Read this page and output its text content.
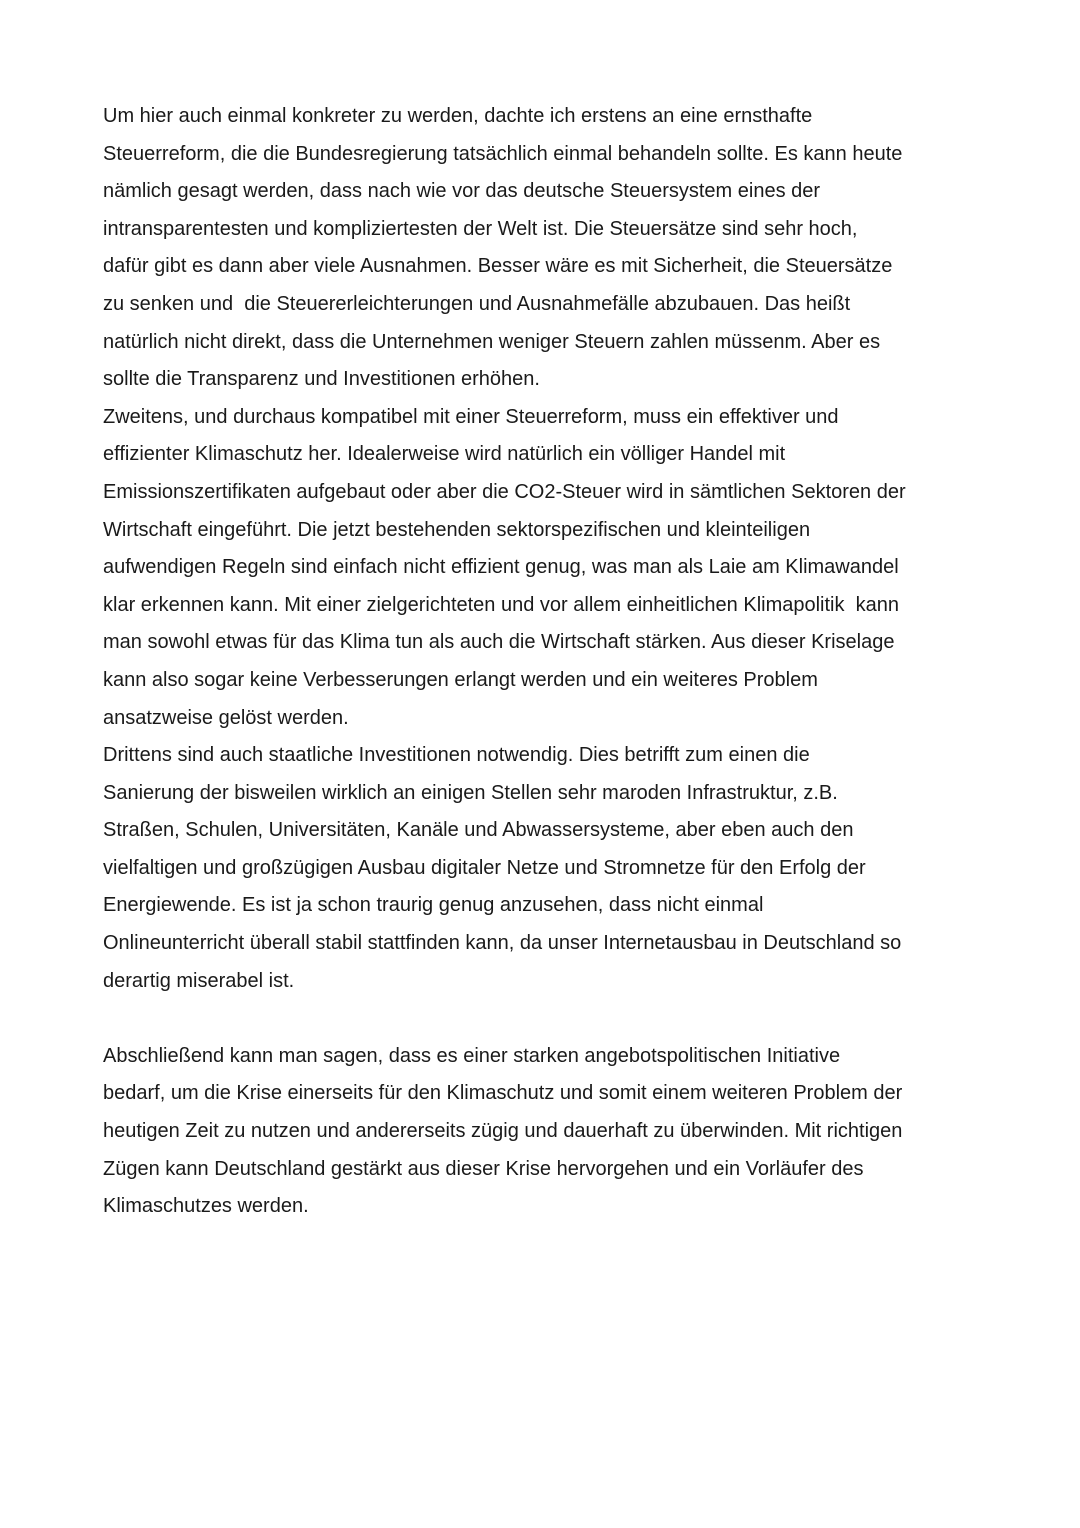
Um hier auch einmal konkreter zu werden, dachte ich erstens an eine ernsthafte
Steuerreform, die die Bundesregierung tatsächlich einmal behandeln sollte. Es kann heute
nämlich gesagt werden, dass nach wie vor das deutsche Steuersystem eines der
intransparentesten und kompliziertesten der Welt ist. Die Steuersätze sind sehr hoch,
dafür gibt es dann aber viele Ausnahmen. Besser wäre es mit Sicherheit, die Steuersätze
zu senken und  die Steuererleichterungen und Ausnahmefälle abzubauen. Das heißt
natürlich nicht direkt, dass die Unternehmen weniger Steuern zahlen müssenm. Aber es
sollte die Transparenz und Investitionen erhöhen.
Zweitens, und durchaus kompatibel mit einer Steuerreform, muss ein effektiver und
effizienter Klimaschutz her. Idealerweise wird natürlich ein völliger Handel mit
Emissionszertifikaten aufgebaut oder aber die CO2-Steuer wird in sämtlichen Sektoren der
Wirtschaft eingeführt. Die jetzt bestehenden sektorspezifischen und kleinteiligen
aufwendigen Regeln sind einfach nicht effizient genug, was man als Laie am Klimawandel
klar erkennen kann. Mit einer zielgerichteten und vor allem einheitlichen Klimapolitik  kann
man sowohl etwas für das Klima tun als auch die Wirtschaft stärken. Aus dieser Kriselage
kann also sogar keine Verbesserungen erlangt werden und ein weiteres Problem
ansatzweise gelöst werden.
Drittens sind auch staatliche Investitionen notwendig. Dies betrifft zum einen die
Sanierung der bisweilen wirklich an einigen Stellen sehr maroden Infrastruktur, z.B.
Straßen, Schulen, Universitäten, Kanäle und Abwassersysteme, aber eben auch den
vielfaltigen und großzügigen Ausbau digitaler Netze und Stromnetze für den Erfolg der
Energiewende. Es ist ja schon traurig genug anzusehen, dass nicht einmal
Onlineunterricht überall stabil stattfinden kann, da unser Internetausbau in Deutschland so
derartig miserabel ist.
Abschließend kann man sagen, dass es einer starken angebotspolitischen Initiative
bedarf, um die Krise einerseits für den Klimaschutz und somit einem weiteren Problem der
heutigen Zeit zu nutzen und andererseits zügig und dauerhaft zu überwinden. Mit richtigen
Zügen kann Deutschland gestärkt aus dieser Krise hervorgehen und ein Vorläufer des
Klimaschutzes werden.
